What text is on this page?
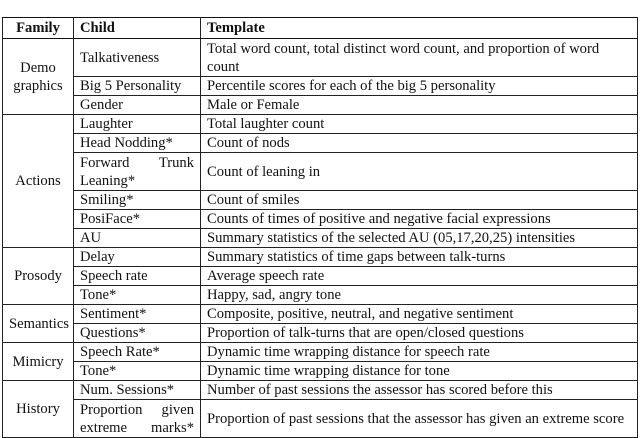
Family	Child	Template
Demo graphics	Talkativeness	Total word count, total distinct word count, and proportion of word count
	Big 5 Personality	Percentile scores for each of the big 5 personality
	Gender	Male or Female
Actions	Laughter	Total laughter count
	Head Nodding*	Count of nods
	Forward Trunk Leaning*	Count of leaning in
	Smiling*	Count of smiles
	PosiFace*	Counts of times of positive and negative facial expressions
	AU	Summary statistics of the selected AU (05,17,20,25) intensities
Prosody	Delay	Summary statistics of time gaps between talk-turns
	Speech rate	Average speech rate
	Tone*	Happy, sad, angry tone
Semantics	Sentiment*	Composite, positive, neutral, and negative sentiment
	Questions*	Proportion of talk-turns that are open/closed questions
Mimicry	Speech Rate*	Dynamic time wrapping distance for speech rate
	Tone*	Dynamic time wrapping distance for tone
History	Num. Sessions*	Number of past sessions the assessor has scored before this
	Proportion given extreme marks*	Proportion of past sessions that the assessor has given an extreme score
